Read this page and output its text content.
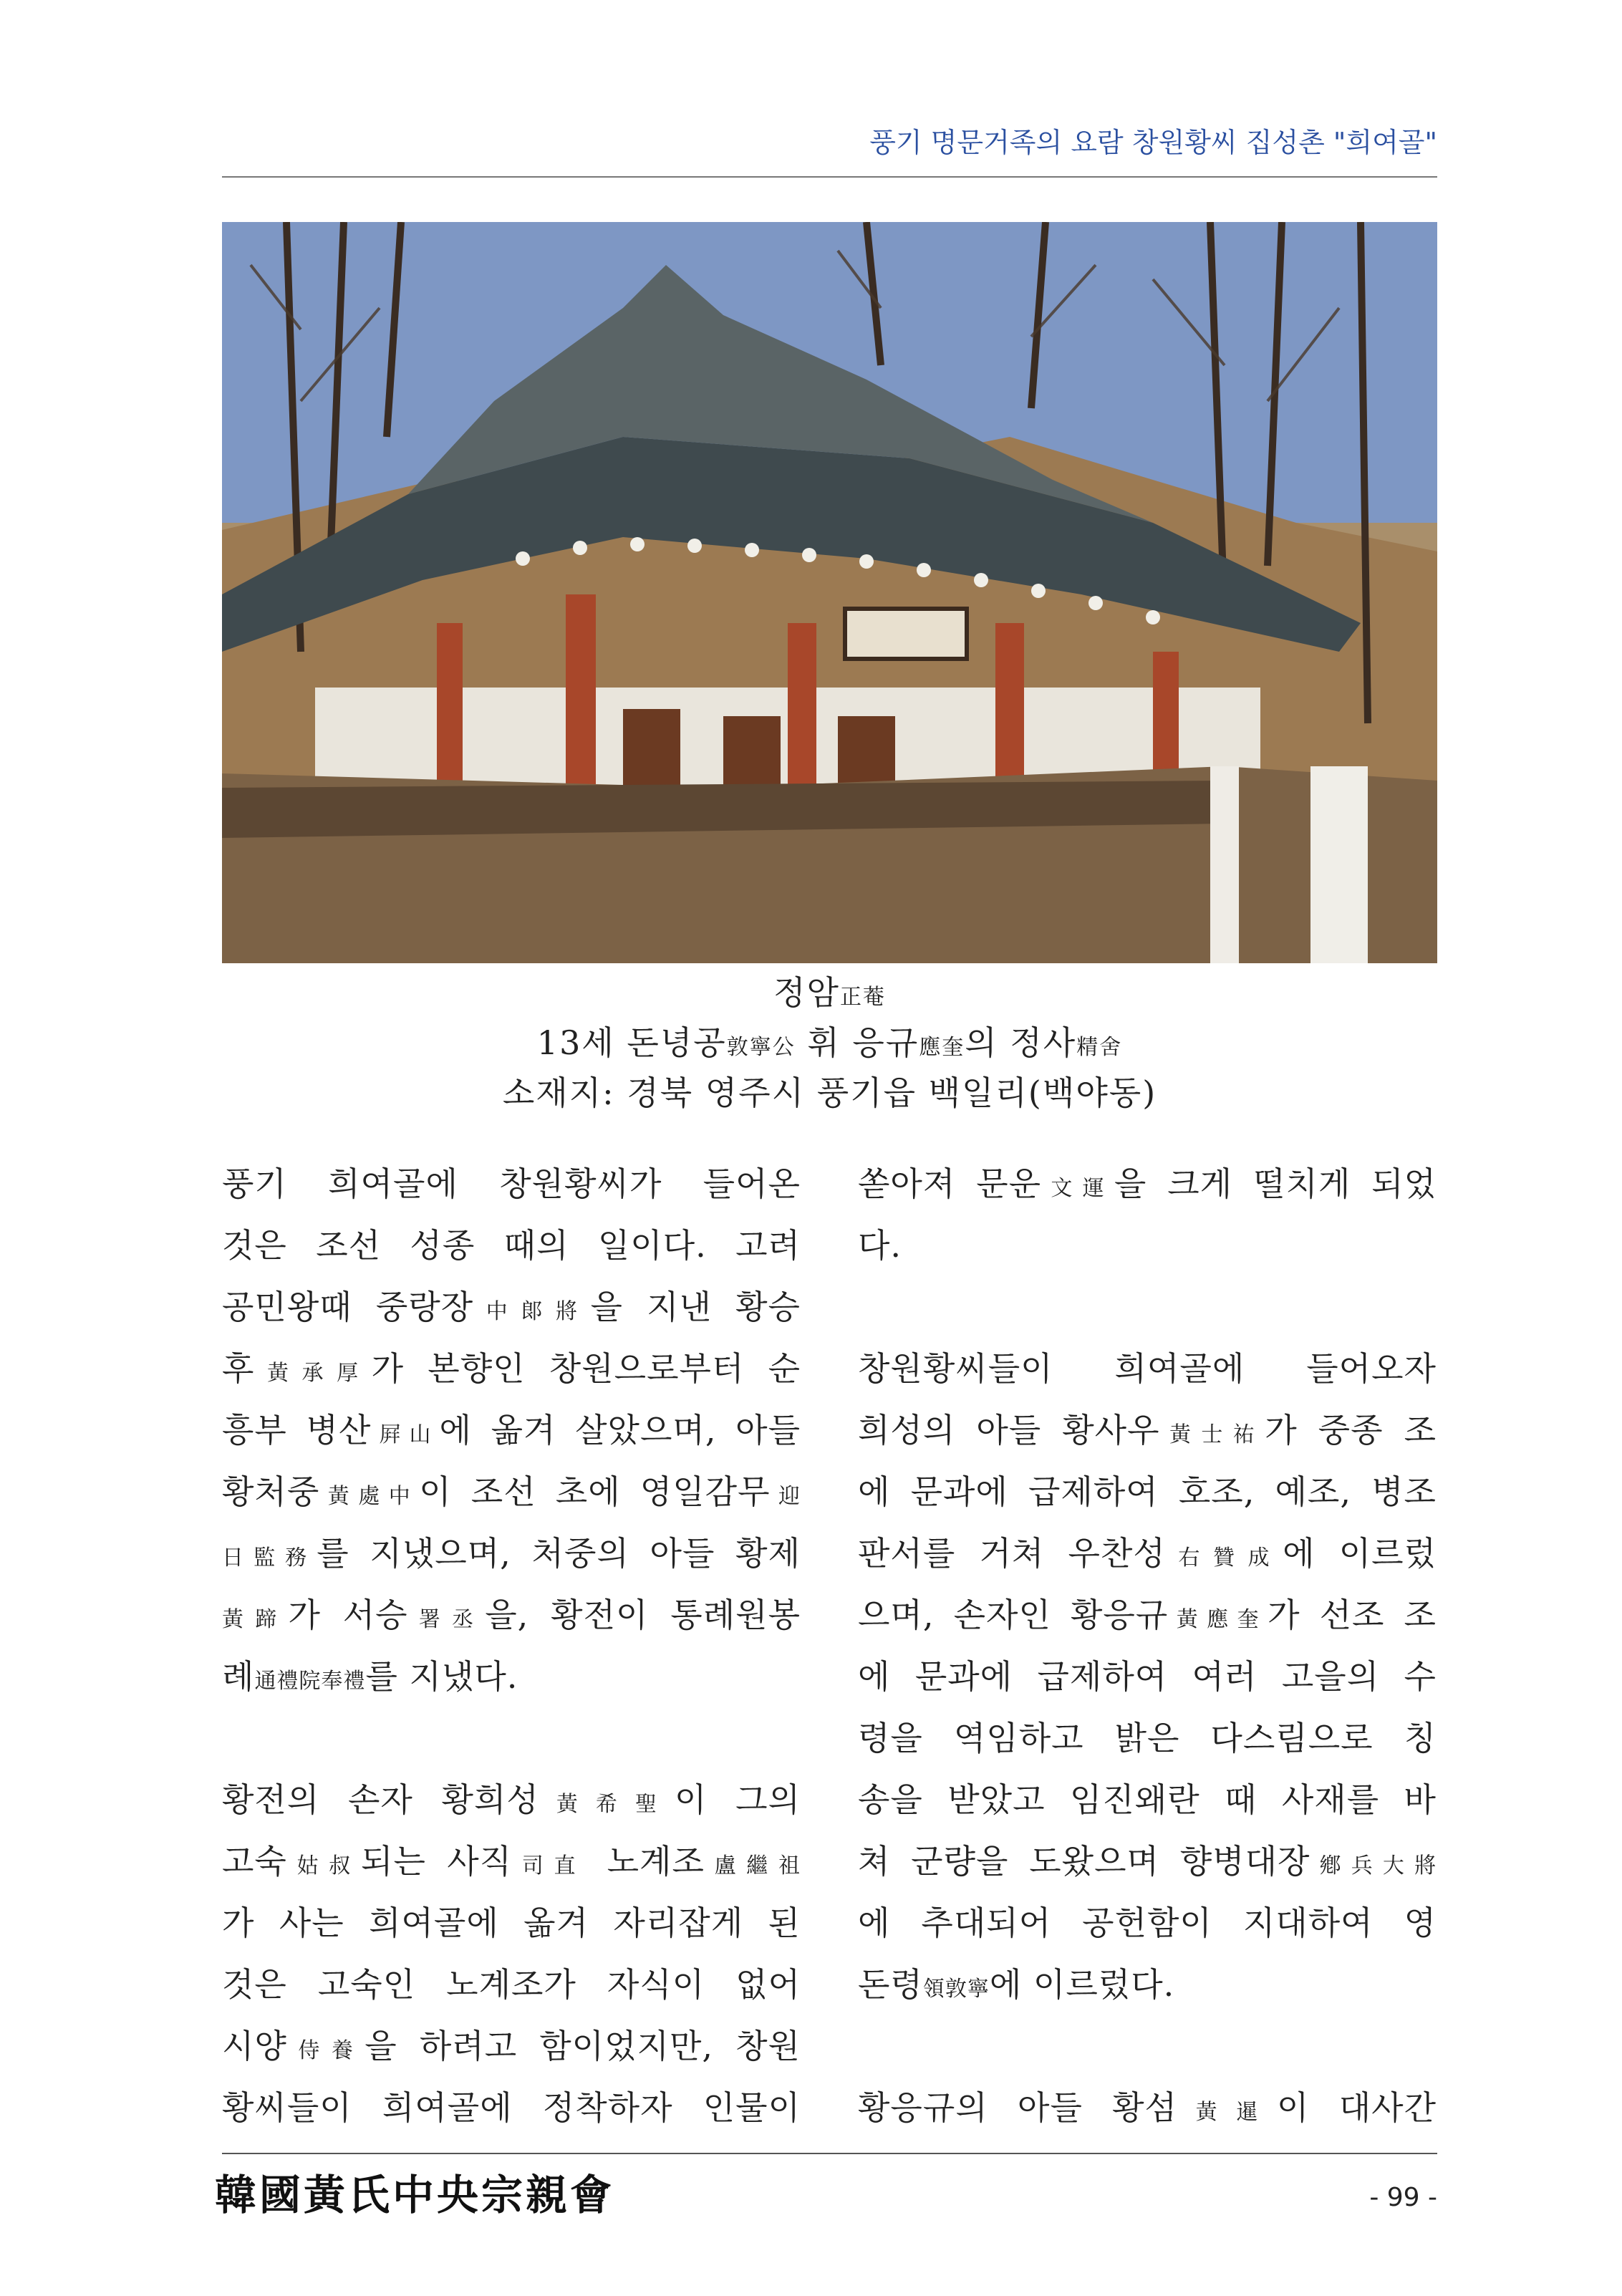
풍기 명문거족의 요람 창원황씨 집성촌 "희여골"
정암正菴
13세 돈녕공敦寧公 휘 응규應奎의 정사精舍
소재지: 경북 영주시 풍기읍 백일리(백야동)
풍기 희여골에 창원황씨가 들어온
것은 조선 성종 때의 일이다. 고려
공민왕때 중랑장中郞將을 지낸 황승
후黃承厚가 본향인 창원으로부터 순
흥부 병산屛山에 옮겨 살았으며, 아들
황처중黃處中이 조선 초에 영일감무迎
日監務를 지냈으며, 처중의 아들 황제
黃蹄가 서승署丞을, 황전이 통례원봉
례通禮院奉禮를 지냈다.
황전의 손자 황희성黃希聖이 그의
고숙姑叔되는 사직司直 노계조盧繼祖
가 사는 희여골에 옮겨 자리잡게 된
것은 고숙인 노계조가 자식이 없어
시양侍養을 하려고 함이었지만, 창원
황씨들이 희여골에 정착하자 인물이
쏟아져 문운文運을 크게 떨치게 되었
다.
창원황씨들이 희여골에 들어오자
희성의 아들 황사우黃士祐가 중종 조
에 문과에 급제하여 호조, 예조, 병조
판서를 거쳐 우찬성右贊成에 이르렀
으며, 손자인 황응규黃應奎가 선조 조
에 문과에 급제하여 여러 고을의 수
령을 역임하고 밝은 다스림으로 칭
송을 받았고 임진왜란 때 사재를 바
쳐 군량을 도왔으며 향병대장鄕兵大將
에 추대되어 공헌함이 지대하여 영
돈령領敦寧에 이르렀다.
황응규의 아들 황섬黃暹이 대사간
韓國黃氏中央宗親會	- 99 -
